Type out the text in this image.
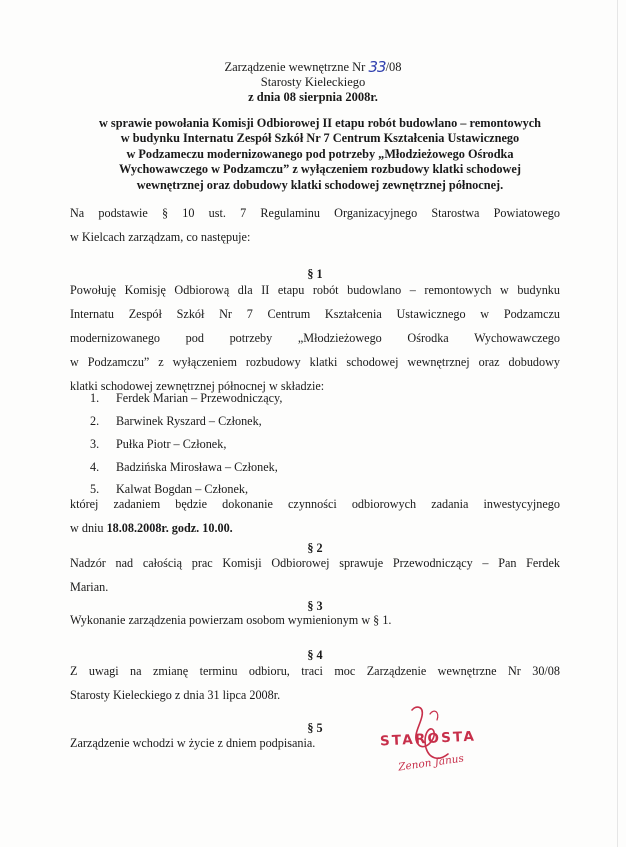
Zarządzenie wewnętrzne Nr 33/08
Starosty Kieleckiego
z dnia 08 sierpnia 2008r.
w sprawie powołania Komisji Odbiorowej II etapu robót budowlano – remontowych
w budynku Internatu Zespół Szkół Nr 7 Centrum Kształcenia Ustawicznego
w Podzameczu modernizowanego pod potrzeby „Młodzieżowego Ośrodka
Wychowawczego w Podzamczu” z wyłączeniem rozbudowy klatki schodowej
wewnętrznej oraz dobudowy klatki schodowej zewnętrznej północnej.
Na podstawie § 10 ust. 7 Regulaminu Organizacyjnego Starostwa Powiatowego
w Kielcach zarządzam, co następuje:
§ 1
Powołuję Komisję Odbiorową dla II etapu robót budowlano – remontowych w budynku
Internatu Zespół Szkół Nr 7 Centrum Kształcenia Ustawicznego w Podzamczu
modernizowanego pod potrzeby „Młodzieżowego Ośrodka Wychowawczego
w Podzamczu” z wyłączeniem rozbudowy klatki schodowej wewnętrznej oraz dobudowy
klatki schodowej zewnętrznej północnej w składzie:
1. Ferdek Marian – Przewodniczący,
2. Barwinek Ryszard – Członek,
3. Pułka Piotr – Członek,
4. Badzińska Mirosława – Członek,
5. Kalwat Bogdan – Członek,
której zadaniem będzie dokonanie czynności odbiorowych zadania inwestycyjnego
w dniu 18.08.2008r. godz. 10.00.
§ 2
Nadzór nad całością prac Komisji Odbiorowej sprawuje Przewodniczący – Pan Ferdek
Marian.
§ 3
Wykonanie zarządzenia powierzam osobom wymienionym w § 1.
§ 4
Z uwagi na zmianę terminu odbioru, traci moc Zarządzenie wewnętrzne Nr 30/08
Starosty Kieleckiego z dnia 31 lipca 2008r.
§ 5
Zarządzenie wchodzi w życie z dniem podpisania.	STAROSTA
Zenon Janus
